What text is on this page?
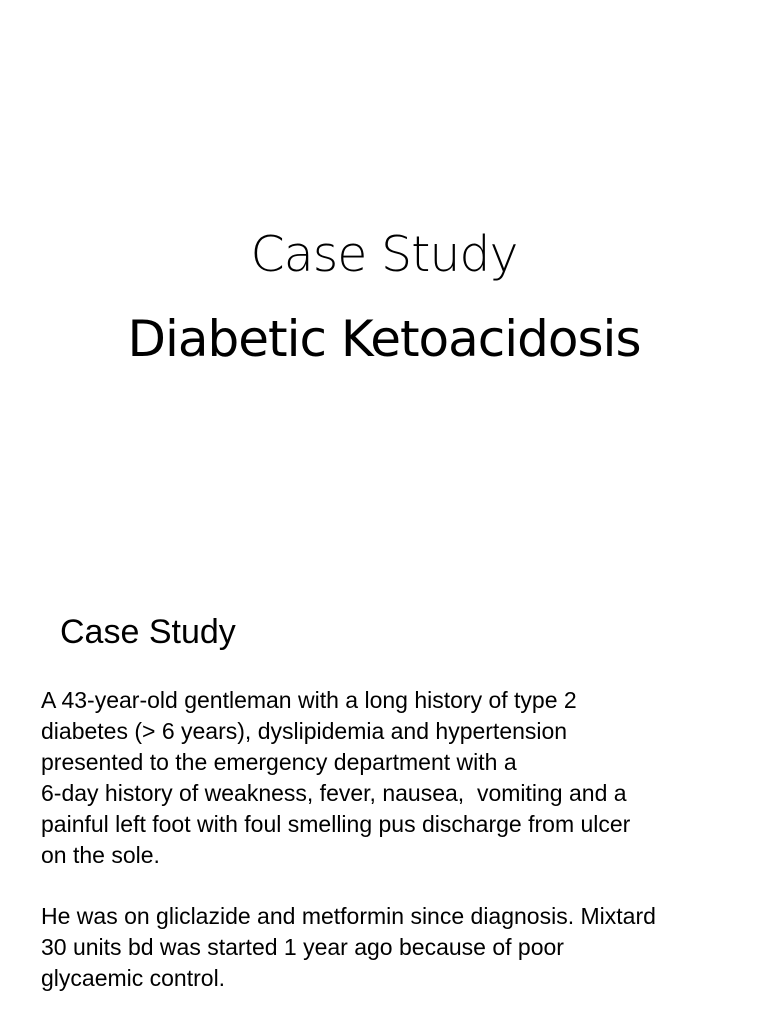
Case Study
Diabetic Ketoacidosis
Case Study

A 43-year-old gentleman with a long history of type 2
diabetes (> 6 years), dyslipidemia and hypertension
presented to the emergency department with a
6-day history of weakness, fever, nausea,  vomiting and a
painful left foot with foul smelling pus discharge from ulcer
on the sole.

He was on gliclazide and metformin since diagnosis. Mixtard
30 units bd was started 1 year ago because of poor
glycaemic control.
